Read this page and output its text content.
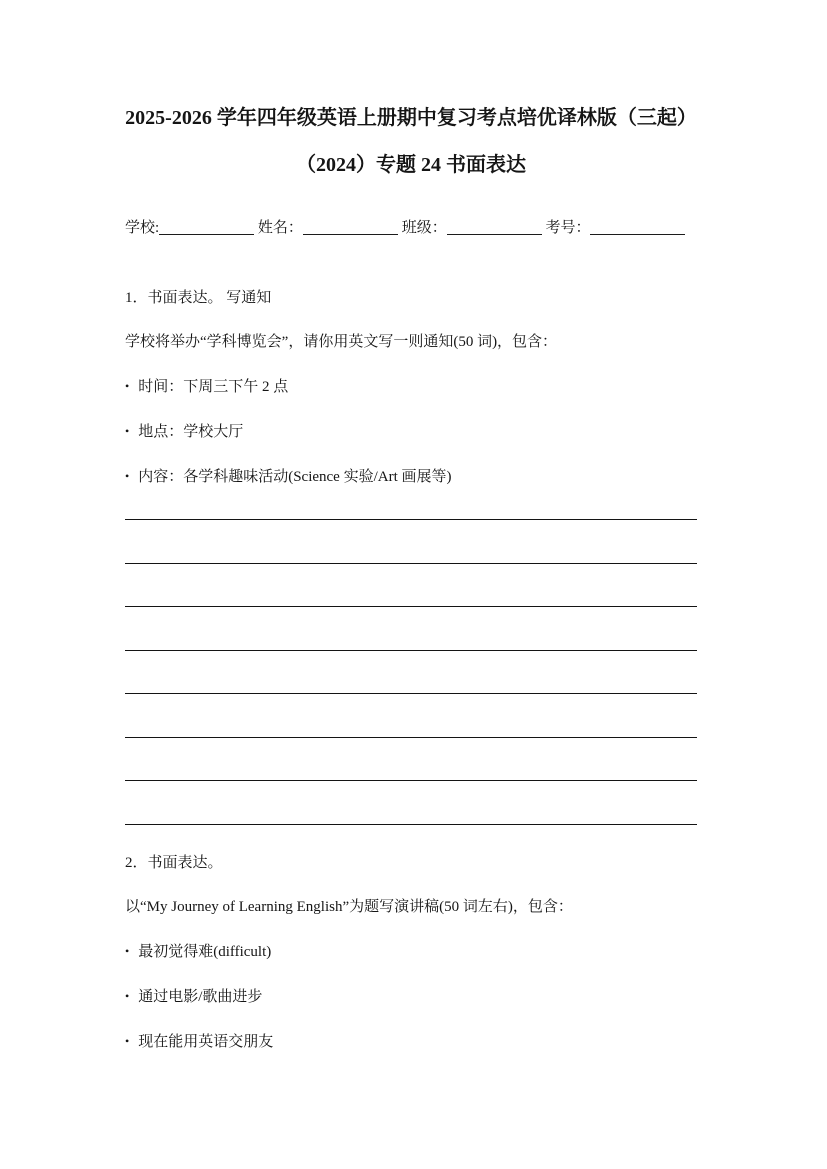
2025-2026 学年四年级英语上册期中复习考点培优译林版（三起）
（2024）专题 24 书面表达
学校:	姓名：	班级：	考号：

1．书面表达。 写通知

学校将举办“学科博览会”，请你用英文写一则通知(50 词)，包含：

• 时间：下周三下午 2 点

• 地点：学校大厅

• 内容：各学科趣味活动(Science 实验/Art 画展等)

2．书面表达。

以“My Journey of Learning English”为题写演讲稿(50 词左右)，包含：

• 最初觉得难(difficult)

• 通过电影/歌曲进步

• 现在能用英语交朋友
